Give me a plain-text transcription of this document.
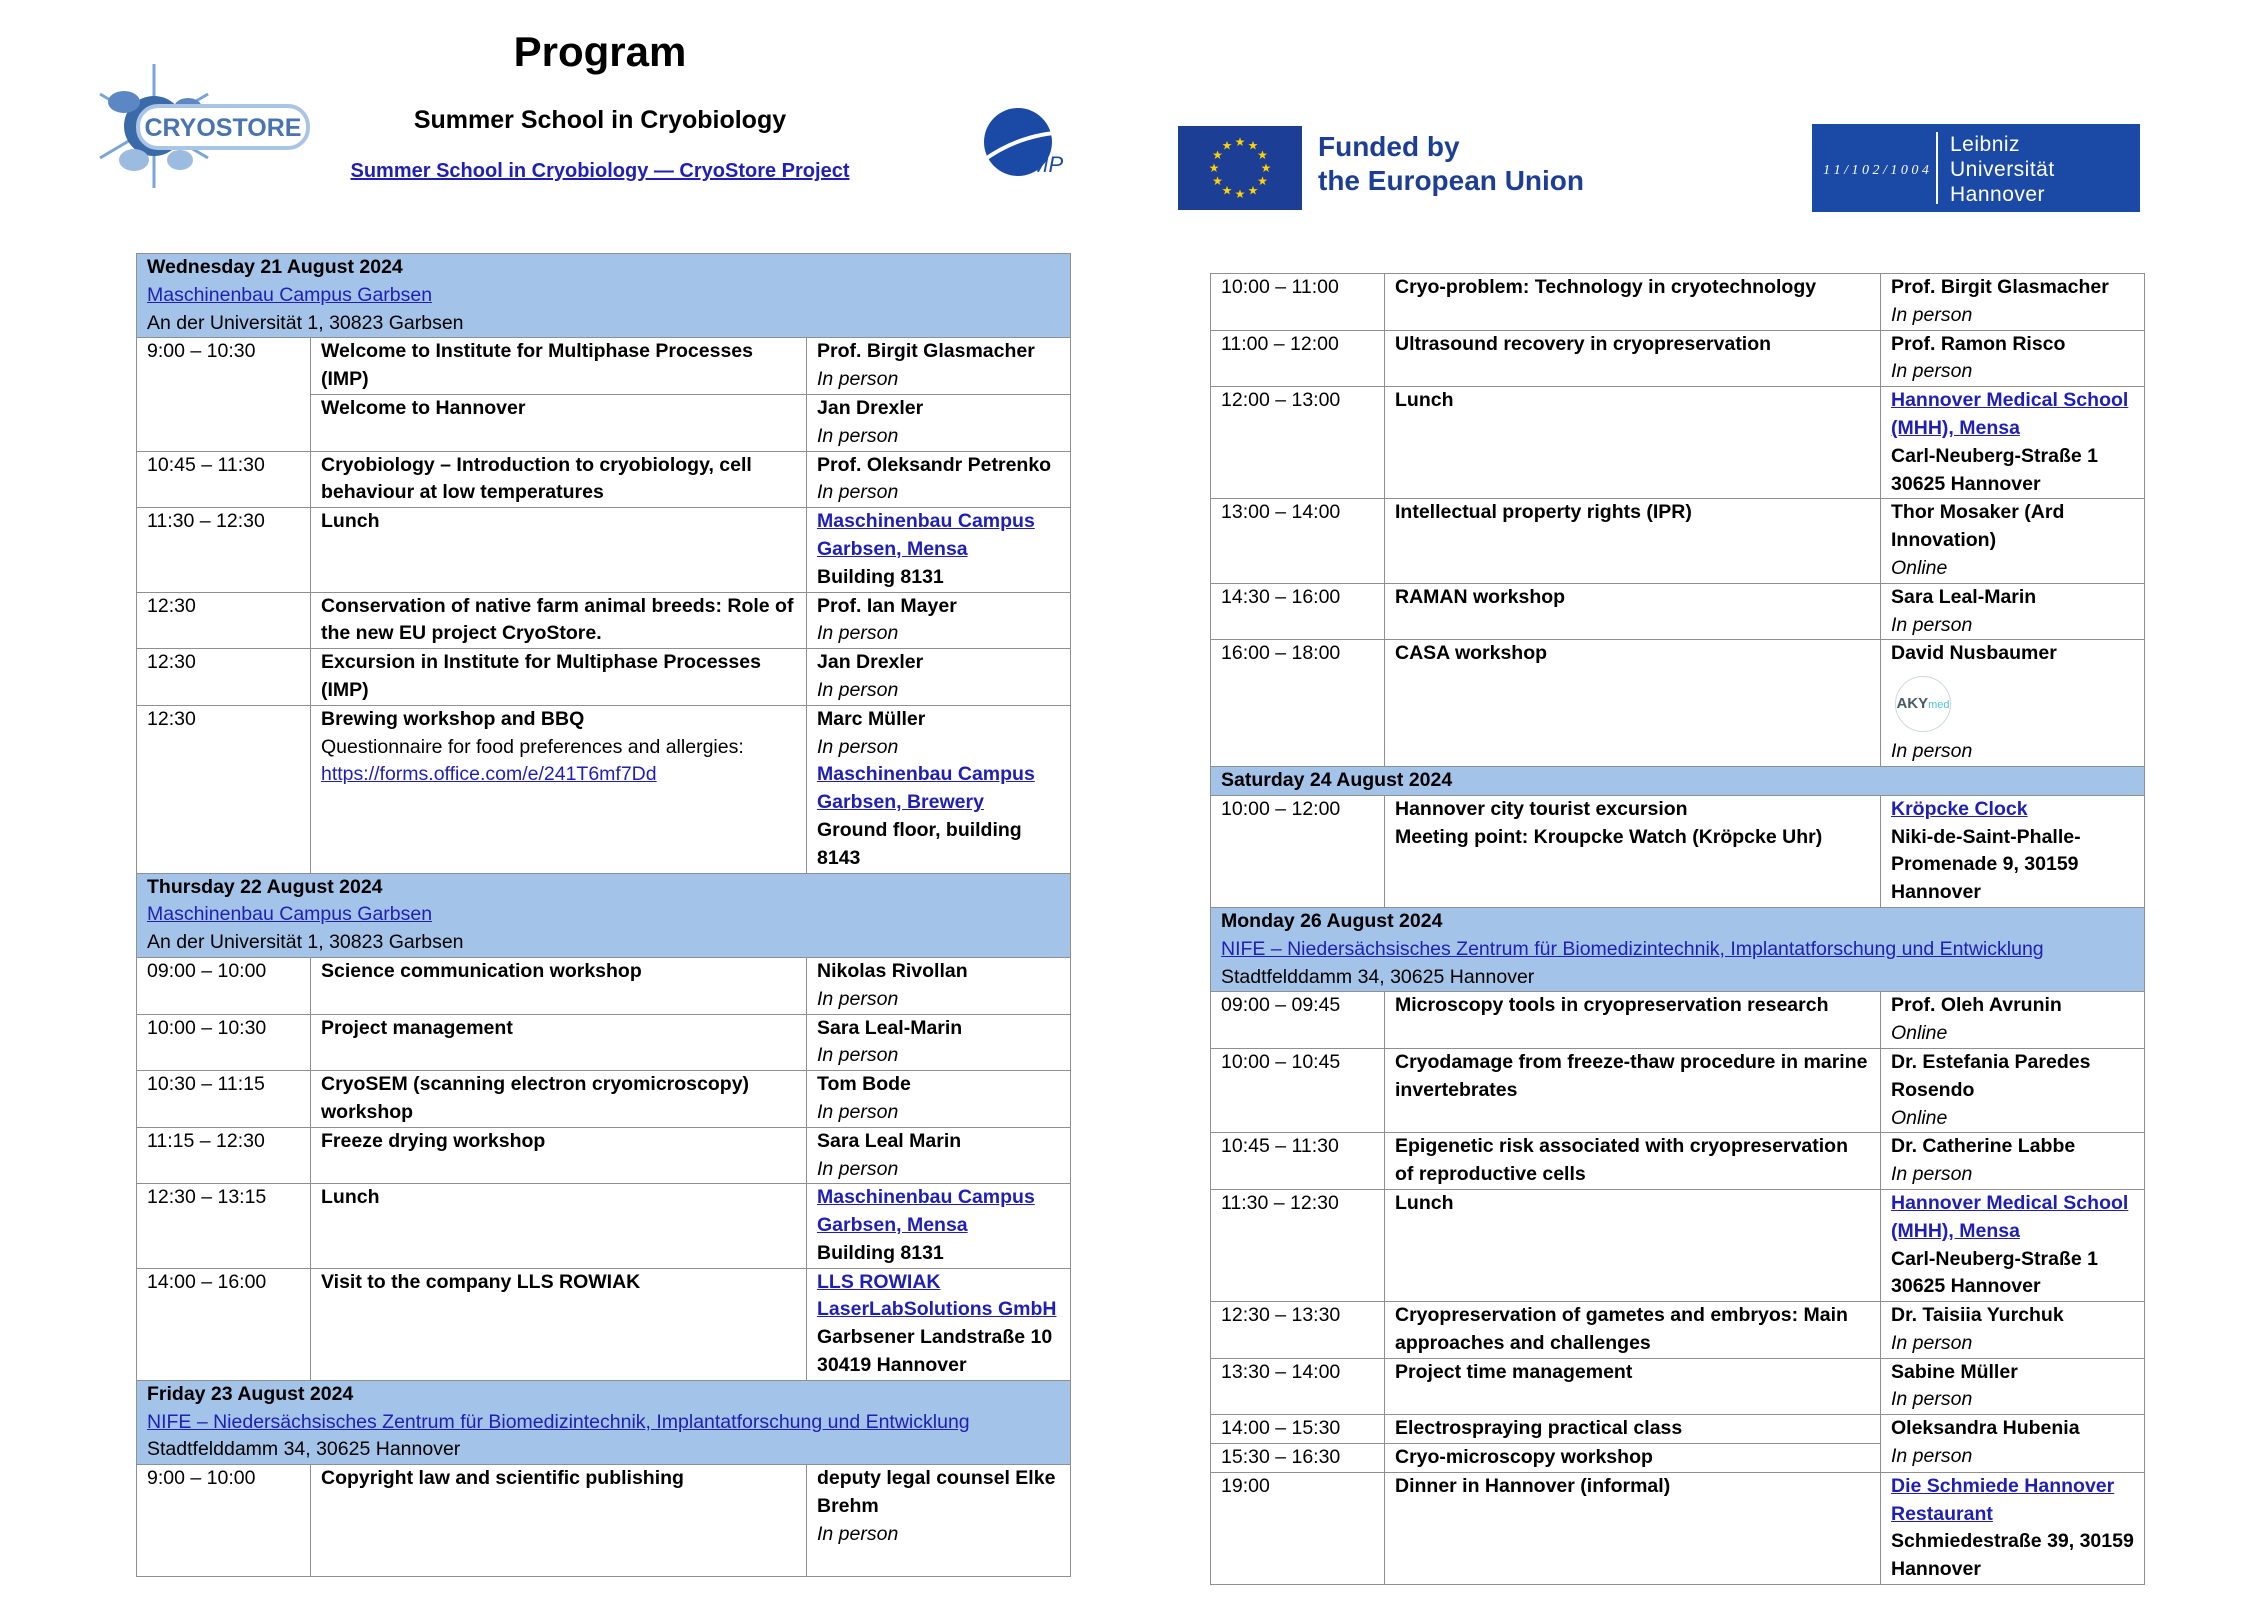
CRYOSTORE
Program
Summer School in Cryobiology
Summer School in Cryobiology — CryoStore Project	IMP
★ ★
★
★
★
★
★
★
★
★
★
★	Funded by
the European Union	1 1 / 1 0 2 / 1 0 0 4
Leibniz
Universität
Hannover
Wednesday 21 August 2024
Maschinenbau Campus Garbsen
An der Universität 1, 30823 Garbsen		

9:00 – 10:30	Welcome to Institute for Multiphase Processes (IMP)	Prof. Birgit Glasmacher
In person

	Welcome to Hannover	Jan Drexler
In person

10:45 – 11:30	Cryobiology – Introduction to cryobiology, cell behaviour at low temperatures	Prof. Oleksandr Petrenko
In person

11:30 – 12:30	Lunch	Maschinenbau Campus Garbsen, Mensa
Building 8131

12:30	Conservation of native farm animal breeds: Role of the new EU project CryoStore.	Prof. Ian Mayer
In person

12:30	Excursion in Institute for Multiphase Processes (IMP)	Jan Drexler
In person

12:30	Brewing workshop and BBQ
Questionnaire for food preferences and allergies:
https://forms.office.com/e/241T6mf7Dd	Marc Müller
In person
Maschinenbau Campus Garbsen, Brewery
Ground floor, building 8143

Thursday 22 August 2024
Maschinenbau Campus Garbsen
An der Universität 1, 30823 Garbsen		

09:00 – 10:00	Science communication workshop	Nikolas Rivollan
In person

10:00 – 10:30	Project management	Sara Leal-Marin
In person

10:30 – 11:15	CryoSEM (scanning electron cryomicroscopy) workshop	Tom Bode
In person

11:15 – 12:30	Freeze drying workshop	Sara Leal Marin
In person

12:30 – 13:15	Lunch	Maschinenbau Campus Garbsen, Mensa
Building 8131

14:00 – 16:00	Visit to the company LLS ROWIAK	LLS ROWIAK LaserLabSolutions GmbH
Garbsener Landstraße 10 30419 Hannover

Friday 23 August 2024
NIFE – Niedersächsisches Zentrum für Biomedizintechnik, Implantatforschung und Entwicklung
Stadtfelddamm 34, 30625 Hannover		

9:00 – 10:00	Copyright law and scientific publishing	deputy legal counsel Elke Brehm
In person

10:00 – 11:00	Cryo-problem: Technology in cryotechnology	Prof. Birgit Glasmacher
In person

11:00 – 12:00	Ultrasound recovery in cryopreservation	Prof. Ramon Risco
In person

12:00 – 13:00	Lunch	Hannover Medical School (MHH), Mensa
Carl-Neuberg-Straße 1 30625 Hannover

13:00 – 14:00	Intellectual property rights (IPR)	Thor Mosaker (Ard Innovation)
Online

14:30 – 16:00	RAMAN workshop	Sara Leal-Marin
In person

16:00 – 18:00	CASA workshop	David Nusbaumer
AKYmed
In person

Saturday 24 August 2024		

10:00 – 12:00	Hannover city tourist excursion
Meeting point: Kroupcke Watch (Kröpcke Uhr)	Kröpcke Clock
Niki-de-Saint-Phalle-Promenade 9, 30159 Hannover

Monday 26 August 2024
NIFE – Niedersächsisches Zentrum für Biomedizintechnik, Implantatforschung und Entwicklung
Stadtfelddamm 34, 30625 Hannover		

09:00 – 09:45	Microscopy tools in cryopreservation research	Prof. Oleh Avrunin
Online

10:00 – 10:45	Cryodamage from freeze-thaw procedure in marine invertebrates	Dr. Estefania Paredes Rosendo
Online

10:45 – 11:30	Epigenetic risk associated with cryopreservation of reproductive cells	Dr. Catherine Labbe
In person

11:30 – 12:30	Lunch	Hannover Medical School (MHH), Mensa
Carl-Neuberg-Straße 1 30625 Hannover

12:30 – 13:30	Cryopreservation of gametes and embryos: Main approaches and challenges	Dr. Taisiia Yurchuk
In person

13:30 – 14:00	Project time management	Sabine Müller
In person

14:00 – 15:30	Electrospraying practical class	Oleksandra Hubenia
In person

15:30 – 16:30	Cryo-microscopy workshop	
19:00	Dinner in Hannover (informal)	Die Schmiede Hannover Restaurant
Schmiedestraße 39, 30159 Hannover
